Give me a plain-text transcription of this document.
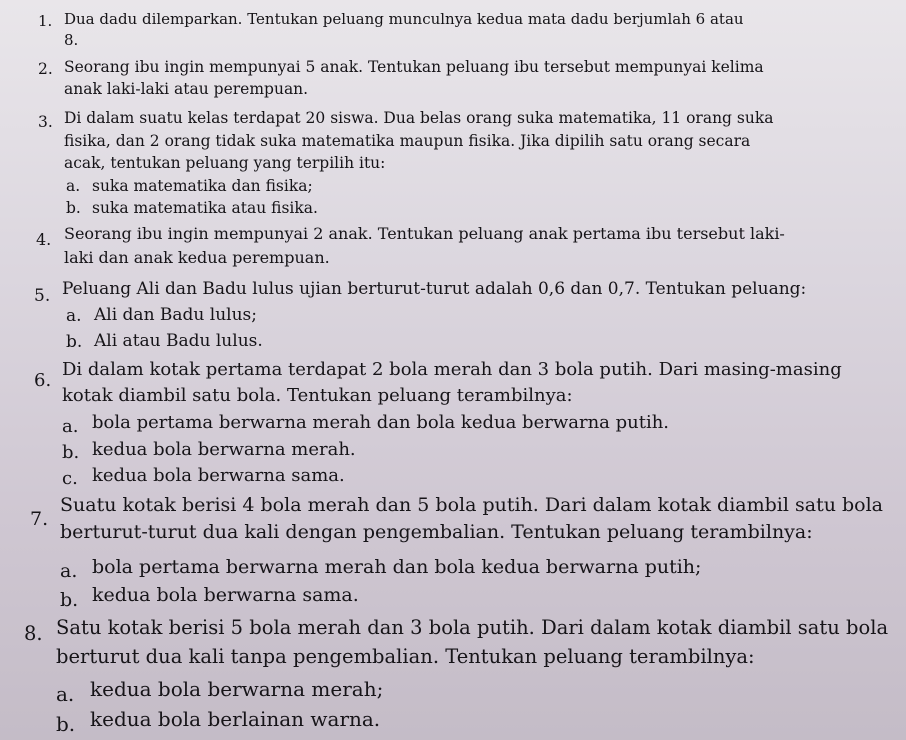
1. Dua dadu dilemparkan. Tentukan peluang munculnya kedua mata dadu berjumlah 6 atau
8.
2. Seorang ibu ingin mempunyai 5 anak. Tentukan peluang ibu tersebut mempunyai kelima
anak laki-laki atau perempuan.
3. Di dalam suatu kelas terdapat 20 siswa. Dua belas orang suka matematika, 11 orang suka
fisika, dan 2 orang tidak suka matematika maupun fisika. Jika dipilih satu orang secara
acak, tentukan peluang yang terpilih itu:
a. suka matematika dan fisika;
b. suka matematika atau fisika.
4. Seorang ibu ingin mempunyai 2 anak. Tentukan peluang anak pertama ibu tersebut laki-
laki dan anak kedua perempuan.
5. Peluang Ali dan Badu lulus ujian berturut-turut adalah 0,6 dan 0,7. Tentukan peluang:
a. Ali dan Badu lulus;
b. Ali atau Badu lulus.
6.
Di dalam kotak pertama terdapat 2 bola merah dan 3 bola putih. Dari masing-masing
kotak diambil satu bola. Tentukan peluang terambilnya:
a. bola pertama berwarna merah dan bola kedua berwarna putih.
b. kedua bola berwarna merah.
c. kedua bola berwarna sama.
7.
Suatu kotak berisi 4 bola merah dan 5 bola putih. Dari dalam kotak diambil satu bola
berturut-turut dua kali dengan pengembalian. Tentukan peluang terambilnya:
a. bola pertama berwarna merah dan bola kedua berwarna putih;
b. kedua bola berwarna sama.
8. Satu kotak berisi 5 bola merah dan 3 bola putih. Dari dalam kotak diambil satu bola
berturut dua kali tanpa pengembalian. Tentukan peluang terambilnya:
a. kedua bola berwarna merah;
b. kedua bola berlainan warna.
